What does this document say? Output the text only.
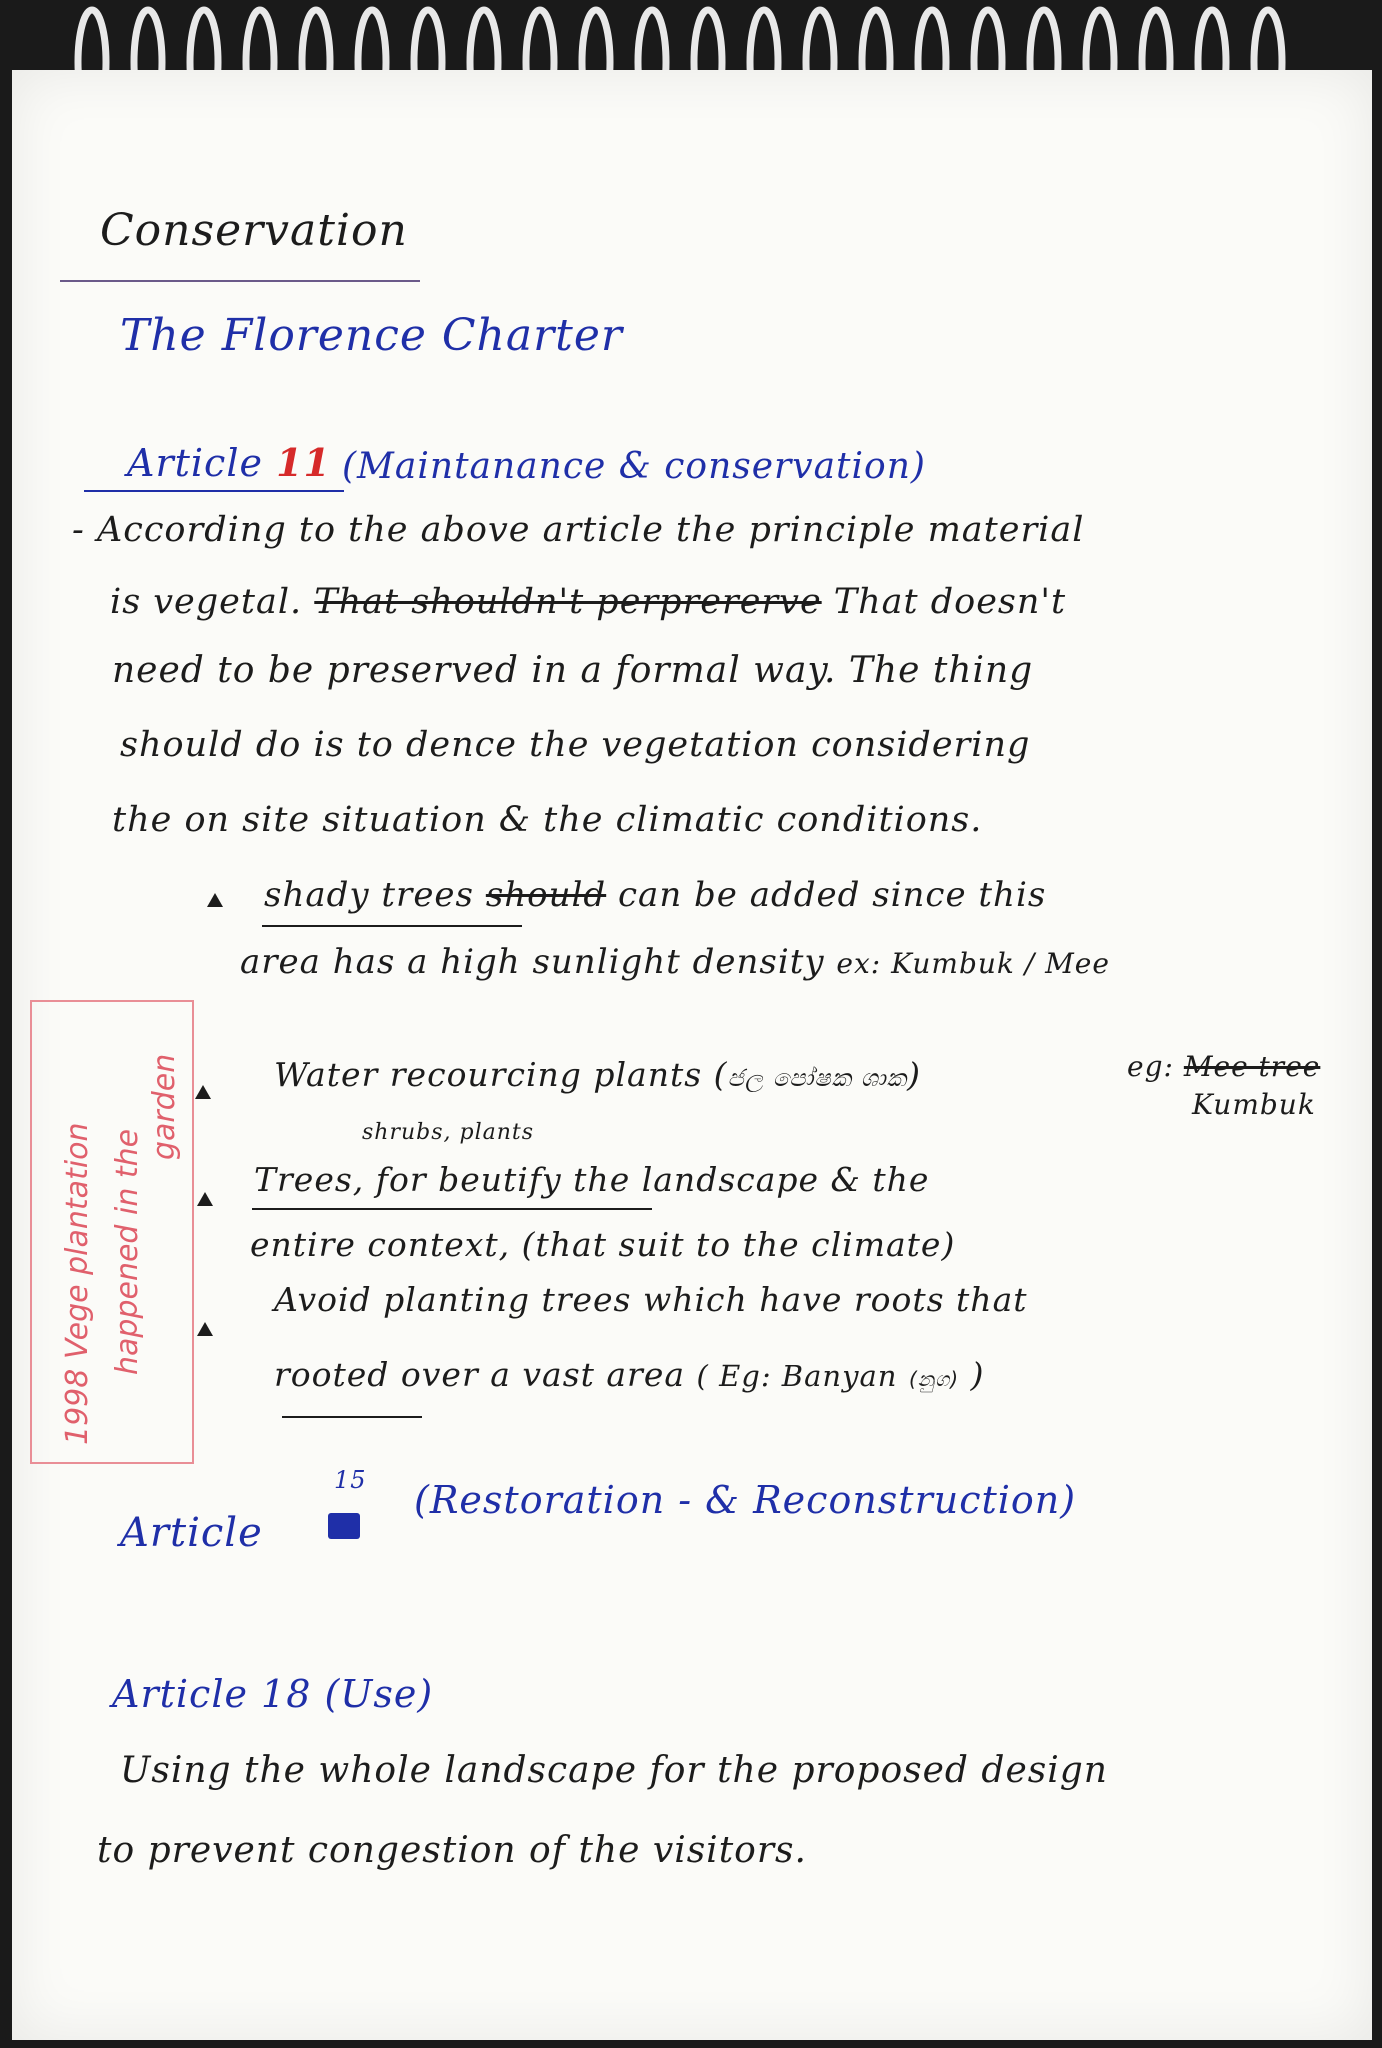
Conservation
The Florence Charter
Article 11 (Maintanance & conservation)
- According to the above article the principle material
is vegetal. That shouldn't perprererve That doesn't
need to be preserved in a formal way. The thing
should do is to dence the vegetation considering
the on site situation & the climatic conditions.
shady trees should can be added since this
area has a high sunlight density ex: Kumbuk / Mee
Water recourcing plants (ජල පෝෂක ශාක)	eg: Mee tree
Kumbuk
shrubs, plants
Trees, for beutify the landscape & the
entire context, (that suit to the climate)
Avoid planting trees which have roots that
rooted over a vast area ( Eg: Banyan (නුග) )
1998 Vege plantation happened in the
garden
Article
15 (Restoration - & Reconstruction)
Article 18 (Use)
Using the whole landscape for the proposed design
to prevent congestion of the visitors.
